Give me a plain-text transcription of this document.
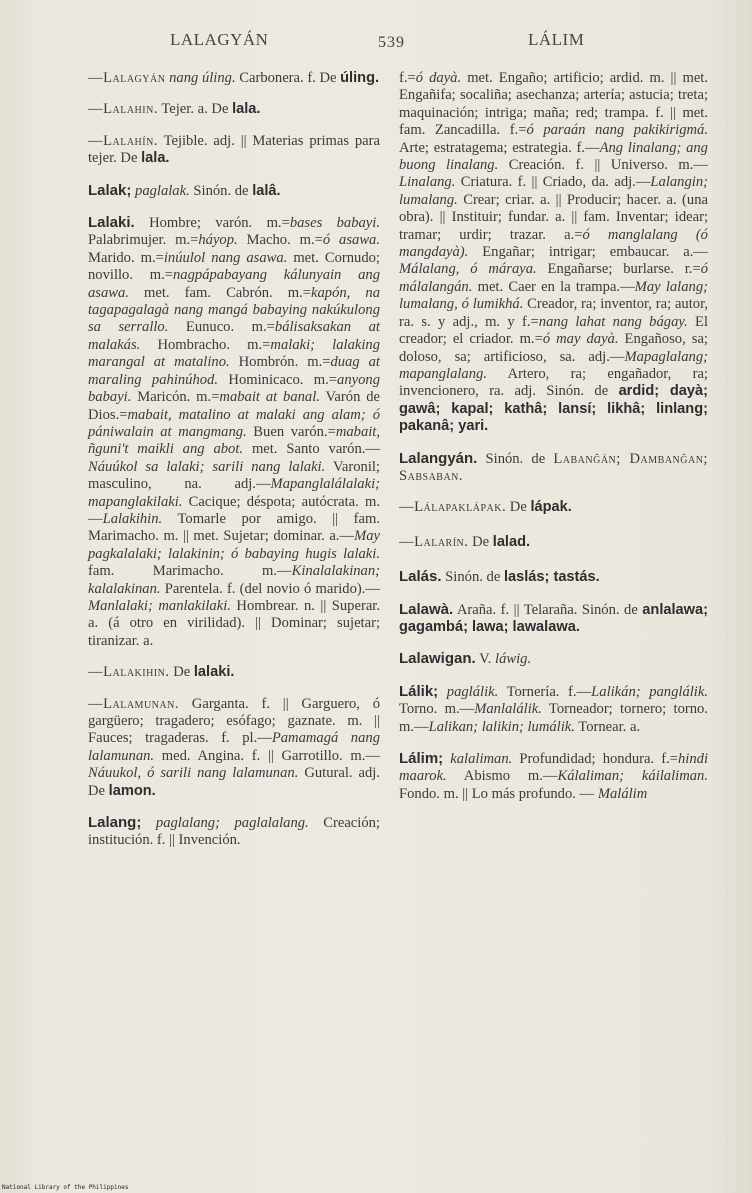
LALAGYÁN	539	LÁLIM

—Lalagyán nang úling. Carbonera. f. De úling.

—Lalahin. Tejer. a. De lala.

—Lalahín. Tejible. adj. || Materias primas para tejer. De lala.

Lalak; paglalak. Sinón. de lalâ.

Lalaki. Hombre; varón. m.=bases babayi. Palabrimujer. m.=háyop. Macho. m.=ó asawa. Marido. m.=inúulol nang asawa. met. Cornudo; novillo. m.=nagpápabayang kálunyain ang asawa. met. fam. Cabrón. m.=kapón, na tagapagalagà nang mangá babaying nakúkulong sa serrallo. Eunuco. m.=bálisaksakan at malakás. Hombracho. m.=malaki; lalaking marangal at matalino. Hombrón. m.=duag at maraling pahinúhod. Hominicaco. m.=anyong babayi. Maricón. m.=mabait at banal. Varón de Dios.=mabait, matalino at malaki ang alam; ó pániwalain at mangmang. Buen varón.=mabait, ñguni't maikli ang abot. met. Santo varón.—Náuúkol sa lalaki; sarili nang lalaki. Varonil; masculino, na. adj.—Mapanglalálalaki; mapanglakilaki. Cacique; déspota; autócrata. m.—Lalakihin. Tomarle por amigo. || fam. Marimacho. m. || met. Sujetar; dominar. a.—May pagkalalaki; lalakinin; ó babaying hugis lalaki. fam. Marimacho. m.—Kinalalakinan; kalalakinan. Parentela. f. (del novio ó marido).—Manlalaki; manlakilaki. Hombrear. n. || Superar. a. (á otro en virilidad). || Dominar; sujetar; tiranizar. a.

—Lalakihin. De lalaki.

—Lalamunan. Garganta. f. || Garguero, ó gargüero; tragadero; esófago; gaznate. m. || Fauces; tragaderas. f. pl.—Pamamagá nang lalamunan. med. Angina. f. || Garrotillo. m.—Náuukol, ó sarili nang lalamunan. Gutural. adj. De lamon.

Lalang; paglalang; paglalalang. Creación; institución. f. || Invención.

f.=ó dayà. met. Engaño; artificio; ardid. m. || met. Engañifa; socaliña; asechanza; artería; astucia; treta; maquinación; intriga; maña; red; trampa. f. || met. fam. Zancadilla. f.=ó paraán nang pakikirigmá. Arte; estratagema; estrategia. f.—Ang linalang; ang buong linalang. Creación. f. || Universo. m.—Linalang. Criatura. f. || Criado, da. adj.—Lalangin; lumalang. Crear; criar. a. || Producir; hacer. a. (una obra). || Instituir; fundar. a. || fam. Inventar; idear; tramar; urdir; trazar. a.=ó manglalang (ó mangdayà). Engañar; intrigar; embaucar. a.—Málalang, ó máraya. Engañarse; burlarse. r.=ó málalangán. met. Caer en la trampa.—May lalang; lumalang, ó lumikhá. Creador, ra; inventor, ra; autor, ra. s. y adj., m. y f.=nang lahat nang bágay. El creador; el criador. m.=ó may dayà. Engañoso, sa; doloso, sa; artificioso, sa. adj.—Mapaglalang; mapanglalang. Artero, ra; engañador, ra; invencionero, ra. adj. Sinón. de ardid; dayà; gawâ; kapal; kathâ; lansí; likhâ; linlang; pakanâ; yari.

Lalangyán. Sinón. de Labanĝán; Dambanĝan; Sabsaban.

—Lálapakláрak. De lápak.

—Lalarín. De lalad.

Lalás. Sinón. de laslás; tastás.

Lalawà. Araña. f. || Telaraña. Sinón. de anlalawa; gagambá; lawa; lawalawa.

Lalawigan. V. láwig.

Lálik; paglálik. Tornería. f.—Lalikán; panglálik. Torno. m.—Manlalálik. Torneador; tornero; torno. m.—Lalikan; lalikin; lumálik. Tornear. a.

Lálim; kalaliman. Profundidad; hondura. f.=hindi maarok. Abismo m.—Kálaliman; káilaliman. Fondo. m. || Lo más profundo. — Malálim

National Library of the Philippines
